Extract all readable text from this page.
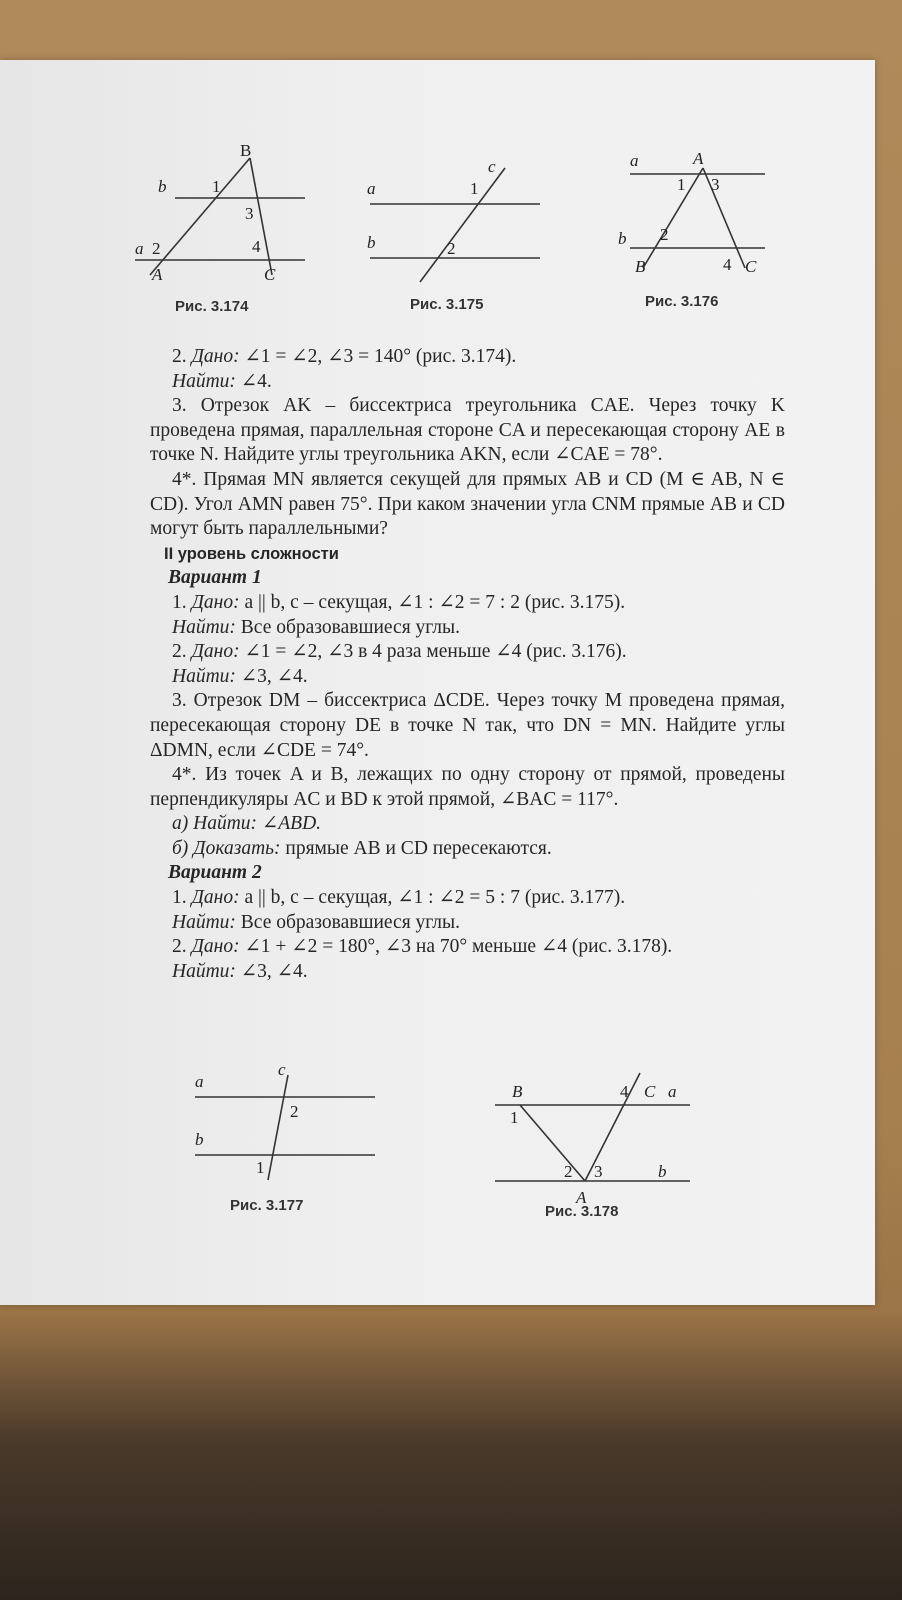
B
b	1
3
a 2	4
A	C
Рис. 3.174
c
a	1
b	2
Рис. 3.175
a	A
1 3
b 2
B	4 C
Рис. 3.176

2. Дано: ∠1 = ∠2, ∠3 = 140° (рис. 3.174).

Найти: ∠4.

3. Отрезок AK – биссектриса треугольника CAE. Через точку K проведена прямая, параллельная стороне CA и пересекающая сторону AE в точке N. Найдите углы треугольника AKN, если ∠CAE = 78°.

4*. Прямая MN является секущей для прямых AB и CD (M ∈ AB, N ∈ CD). Угол AMN равен 75°. При каком значении угла CNM прямые AB и CD могут быть параллельными?

II уровень сложности

Вариант 1

1. Дано: a || b, c – секущая, ∠1 : ∠2 = 7 : 2 (рис. 3.175).

Найти: Все образовавшиеся углы.

2. Дано: ∠1 = ∠2, ∠3 в 4 раза меньше ∠4 (рис. 3.176).

Найти: ∠3, ∠4.

3. Отрезок DM – биссектриса ΔCDE. Через точку M проведена прямая, пересекающая сторону DE в точке N так, что DN = MN. Найдите углы ΔDMN, если ∠CDE = 74°.

4*. Из точек A и B, лежащих по одну сторону от прямой, проведены перпендикуляры AC и BD к этой прямой, ∠BAC = 117°.

а) Найти: ∠ABD.

б) Доказать: прямые AB и CD пересекаются.

Вариант 2

1. Дано: a || b, c – секущая, ∠1 : ∠2 = 5 : 7 (рис. 3.177).

Найти: Все образовавшиеся углы.

2. Дано: ∠1 + ∠2 = 180°, ∠3 на 70° меньше ∠4 (рис. 3.178).

Найти: ∠3, ∠4.

a
c
2
b
1
Рис. 3.177
B
1
4 C a
2 3	b
A
Рис. 3.178
